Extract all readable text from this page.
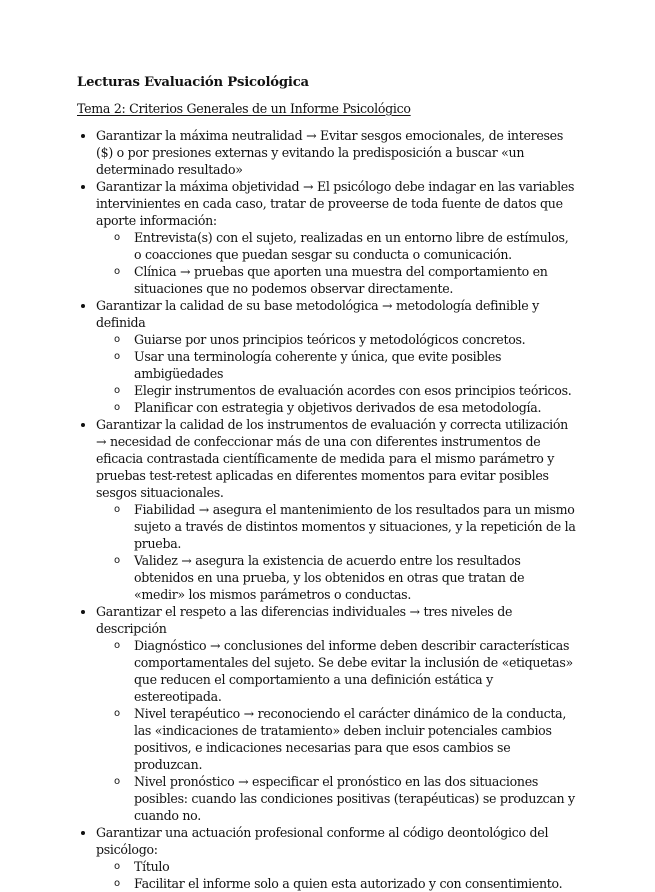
Lecturas Evaluación Psicológica
Tema 2: Criterios Generales de un Informe Psicológico
Garantizar la máxima neutralidad → Evitar sesgos emocionales, de intereses ($) o por presiones externas y evitando la predisposición a buscar «un determinado resultado»
Garantizar la máxima objetividad → El psicólogo debe indagar en las variables intervinientes en cada caso, tratar de proveerse de toda fuente de datos que aporte información:
o Entrevista(s) con el sujeto, realizadas en un entorno libre de estímulos, o coacciones que puedan sesgar su conducta o comunicación.
o Clínica → pruebas que aporten una muestra del comportamiento en situaciones que no podemos observar directamente.
Garantizar la calidad de su base metodológica → metodología definible y definida
o Guiarse por unos principios teóricos y metodológicos concretos.
o Usar una terminología coherente y única, que evite posibles ambigüedades
o Elegir instrumentos de evaluación acordes con esos principios teóricos.
o Planificar con estrategia y objetivos derivados de esa metodología.
Garantizar la calidad de los instrumentos de evaluación y correcta utilización → necesidad de confeccionar más de una con diferentes instrumentos de eficacia contrastada científicamente de medida para el mismo parámetro y pruebas test-retest aplicadas en diferentes momentos para evitar posibles sesgos situacionales.
o Fiabilidad → asegura el mantenimiento de los resultados para un mismo sujeto a través de distintos momentos y situaciones, y la repetición de la prueba.
o Validez → asegura la existencia de acuerdo entre los resultados obtenidos en una prueba, y los obtenidos en otras que tratan de «medir» los mismos parámetros o conductas.
Garantizar el respeto a las diferencias individuales → tres niveles de descripción
o Diagnóstico → conclusiones del informe deben describir características comportamentales del sujeto. Se debe evitar la inclusión de «etiquetas» que reducen el comportamiento a una definición estática y estereotipada.
o Nivel terapéutico → reconociendo el carácter dinámico de la conducta, las «indicaciones de tratamiento» deben incluir potenciales cambios positivos, e indicaciones necesarias para que esos cambios se produzcan.
o Nivel pronóstico → especificar el pronóstico en las dos situaciones posibles: cuando las condiciones positivas (terapéuticas) se produzcan y cuando no.
Garantizar una actuación profesional conforme al código deontológico del psicólogo:
o Título
o Facilitar el informe solo a quien esta autorizado y con consentimiento.
